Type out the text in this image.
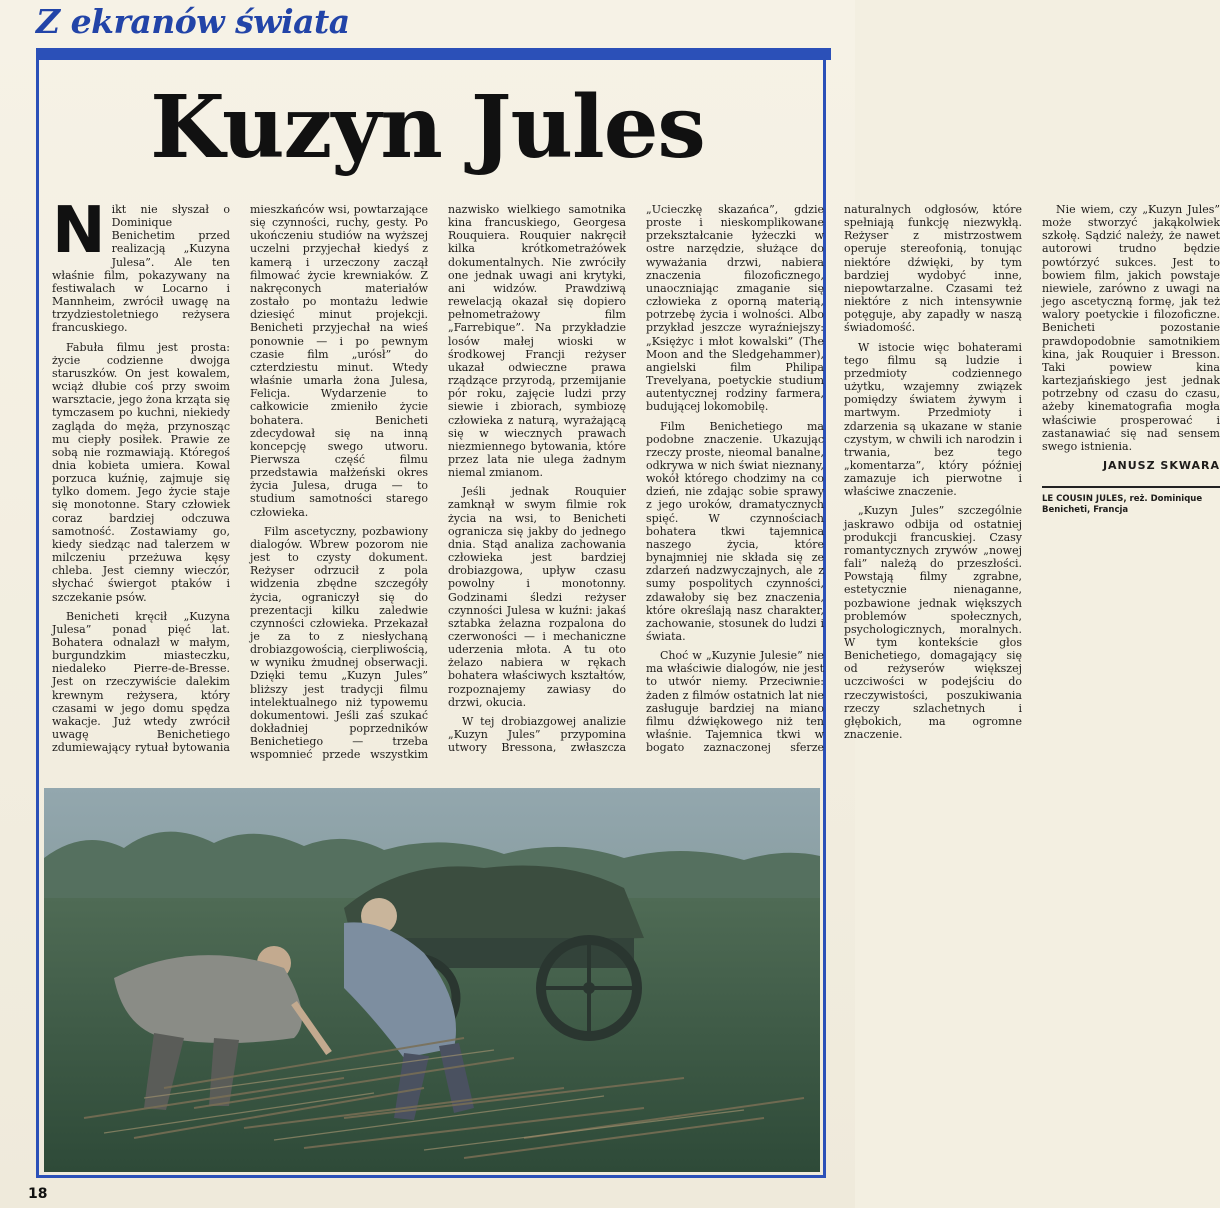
Z ekranów świata
Kuzyn Jules

Nikt nie słyszał o Dominique Benichetim przed realizacją „Kuzyna Julesa”. Ale ten właśnie film, pokazywany na festiwalach w Locarno i Mannheim, zwrócił uwagę na trzydziestoletniego reżysera francuskiego.

Fabuła filmu jest prosta: życie codzienne dwojga staruszków. On jest kowalem, wciąż dłubie coś przy swoim warsztacie, jego żona krząta się tymczasem po kuchni, niekiedy zagląda do męża, przynosząc mu ciepły posiłek. Prawie ze sobą nie rozmawiają. Któregoś dnia kobieta umiera. Kowal porzuca kuźnię, zajmuje się tylko domem. Jego życie staje się monotonne. Stary człowiek coraz bardziej odczuwa samotność. Zostawiamy go, kiedy siedząc nad talerzem w milczeniu przeżuwa kęsy chleba. Jest ciemny wieczór, słychać świergot ptaków i szczekanie psów.

Benicheti kręcił „Kuzyna Julesa” ponad pięć lat. Bohatera odnalazł w małym, burgundzkim miasteczku, niedaleko Pierre-de-Bresse. Jest on rzeczywiście dalekim krewnym reżysera, który czasami w jego domu spędza wakacje. Już wtedy zwrócił uwagę Benichetiego zdumiewający rytuał bytowania mieszkańców wsi, powtarzające się czynności, ruchy, gesty. Po ukończeniu studiów na wyższej uczelni przyjechał kiedyś z kamerą i urzeczony zaczął filmować życie krewniaków. Z nakręconych materiałów zostało po montażu ledwie dziesięć minut projekcji. Benicheti przyjechał na wieś ponownie — i po pewnym czasie film „urósł” do czterdziestu minut. Wtedy właśnie umarła żona Julesa, Felicja. Wydarzenie to całkowicie zmieniło życie bohatera. Benicheti zdecydował się na inną koncepcję swego utworu. Pierwsza część filmu przedstawia małżeński okres życia Julesa, druga — to studium samotności starego człowieka.

Film ascetyczny, pozbawiony dialogów. Wbrew pozorom nie jest to czysty dokument. Reżyser odrzucił z pola widzenia zbędne szczegóły życia, ograniczył się do prezentacji kilku zaledwie czynności człowieka. Przekazał je za to z niesłychaną drobiazgowością, cierpliwością, w wyniku żmudnej obserwacji. Dzięki temu „Kuzyn Jules” bliższy jest tradycji filmu intelektualnego niż typowemu dokumentowi. Jeśli zaś szukać dokładniej poprzedników Benichetiego — trzeba wspomnieć przede wszystkim nazwisko wielkiego samotnika kina francuskiego, Georgesa Rouquiera. Rouquier nakręcił kilka krótkometrażówek dokumentalnych. Nie zwróciły one jednak uwagi ani krytyki, ani widzów. Prawdziwą rewelacją okazał się dopiero pełnometrażowy film „Farrebique”. Na przykładzie losów małej wioski w środkowej Francji reżyser ukazał odwieczne prawa rządzące przyrodą, przemijanie pór roku, zajęcie ludzi przy siewie i zbiorach, symbiozę człowieka z naturą, wyrażającą się w wiecznych prawach niezmiennego bytowania, które przez lata nie ulega żadnym niemal zmianom.

Jeśli jednak Rouquier zamknął w swym filmie rok życia na wsi, to Benicheti ogranicza się jakby do jednego dnia. Stąd analiza zachowania człowieka jest bardziej drobiazgowa, upływ czasu powolny i monotonny. Godzinami śledzi reżyser czynności Julesa w kuźni: jakaś sztabka żelazna rozpalona do czerwoności — i mechaniczne uderzenia młota. A tu oto żelazo nabiera w rękach bohatera właściwych kształtów, rozpoznajemy zawiasy do drzwi, okucia.

W tej drobiazgowej analizie „Kuzyn Jules” przypomina utwory Bressona, zwłaszcza „Ucieczkę skazańca”, gdzie proste i nieskomplikowane przekształcanie łyżeczki w ostre narzędzie, służące do wyważania drzwi, nabiera znaczenia filozoficznego, unaoczniając zmaganie się człowieka z oporną materią, potrzebę życia i wolności. Albo przykład jeszcze wyraźniejszy: „Księżyc i młot kowalski” (The Moon and the Sledgehammer), angielski film Philipa Trevelyana, poetyckie studium autentycznej rodziny farmera, budującej lokomobilę.

Film Benichetiego ma podobne znaczenie. Ukazując rzeczy proste, nieomal banalne, odkrywa w nich świat nieznany, wokół którego chodzimy na co dzień, nie zdając sobie sprawy z jego uroków, dramatycznych spięć. W czynnościach bohatera tkwi tajemnica naszego życia, które bynajmniej nie składa się ze zdarzeń nadzwyczajnych, ale z sumy pospolitych czynności, zdawałoby się bez znaczenia, które określają nasz charakter, zachowanie, stosunek do ludzi i świata.

Choć w „Kuzynie Julesie” nie ma właściwie dialogów, nie jest to utwór niemy. Przeciwnie: żaden z filmów ostatnich lat nie zasługuje bardziej na miano filmu dźwiękowego niż ten właśnie. Tajemnica tkwi w bogato zaznaczonej sferze naturalnych odgłosów, które spełniają funkcję niezwykłą. Reżyser z mistrzostwem operuje stereofonią, tonując niektóre dźwięki, by tym bardziej wydobyć inne, niepowtarzalne. Czasami też niektóre z nich intensywnie potęguje, aby zapadły w naszą świadomość.

W istocie więc bohaterami tego filmu są ludzie i przedmioty codziennego użytku, wzajemny związek pomiędzy światem żywym i martwym. Przedmioty i zdarzenia są ukazane w stanie czystym, w chwili ich narodzin i trwania, bez tego „komentarza”, który później zamazuje ich pierwotne i właściwe znaczenie.

„Kuzyn Jules” szczególnie jaskrawo odbija od ostatniej produkcji francuskiej. Czasy romantycznych zrywów „nowej fali” należą do przeszłości. Powstają filmy zgrabne, estetycznie nienaganne, pozbawione jednak większych problemów społecznych, psychologicznych, moralnych. W tym kontekście głos Benichetiego, domagający się od reżyserów większej uczciwości w podejściu do rzeczywistości, poszukiwania rzeczy szlachetnych i głębokich, ma ogromne znaczenie.

Nie wiem, czy „Kuzyn Jules” może stworzyć jakąkolwiek szkołę. Sądzić należy, że nawet autorowi trudno będzie powtórzyć sukces. Jest to bowiem film, jakich powstaje niewiele, zarówno z uwagi na jego ascetyczną formę, jak też walory poetyckie i filozoficzne. Benicheti pozostanie prawdopodobnie samotnikiem kina, jak Rouquier i Bresson. Taki powiew kina kartezjańskiego jest jednak potrzebny od czasu do czasu, ażeby kinematografia mogła właściwie prosperować i zastanawiać się nad sensem swego istnienia.

JANUSZ SKWARA

LE COUSIN JULES, reż. Dominique Benicheti, Francja

18
